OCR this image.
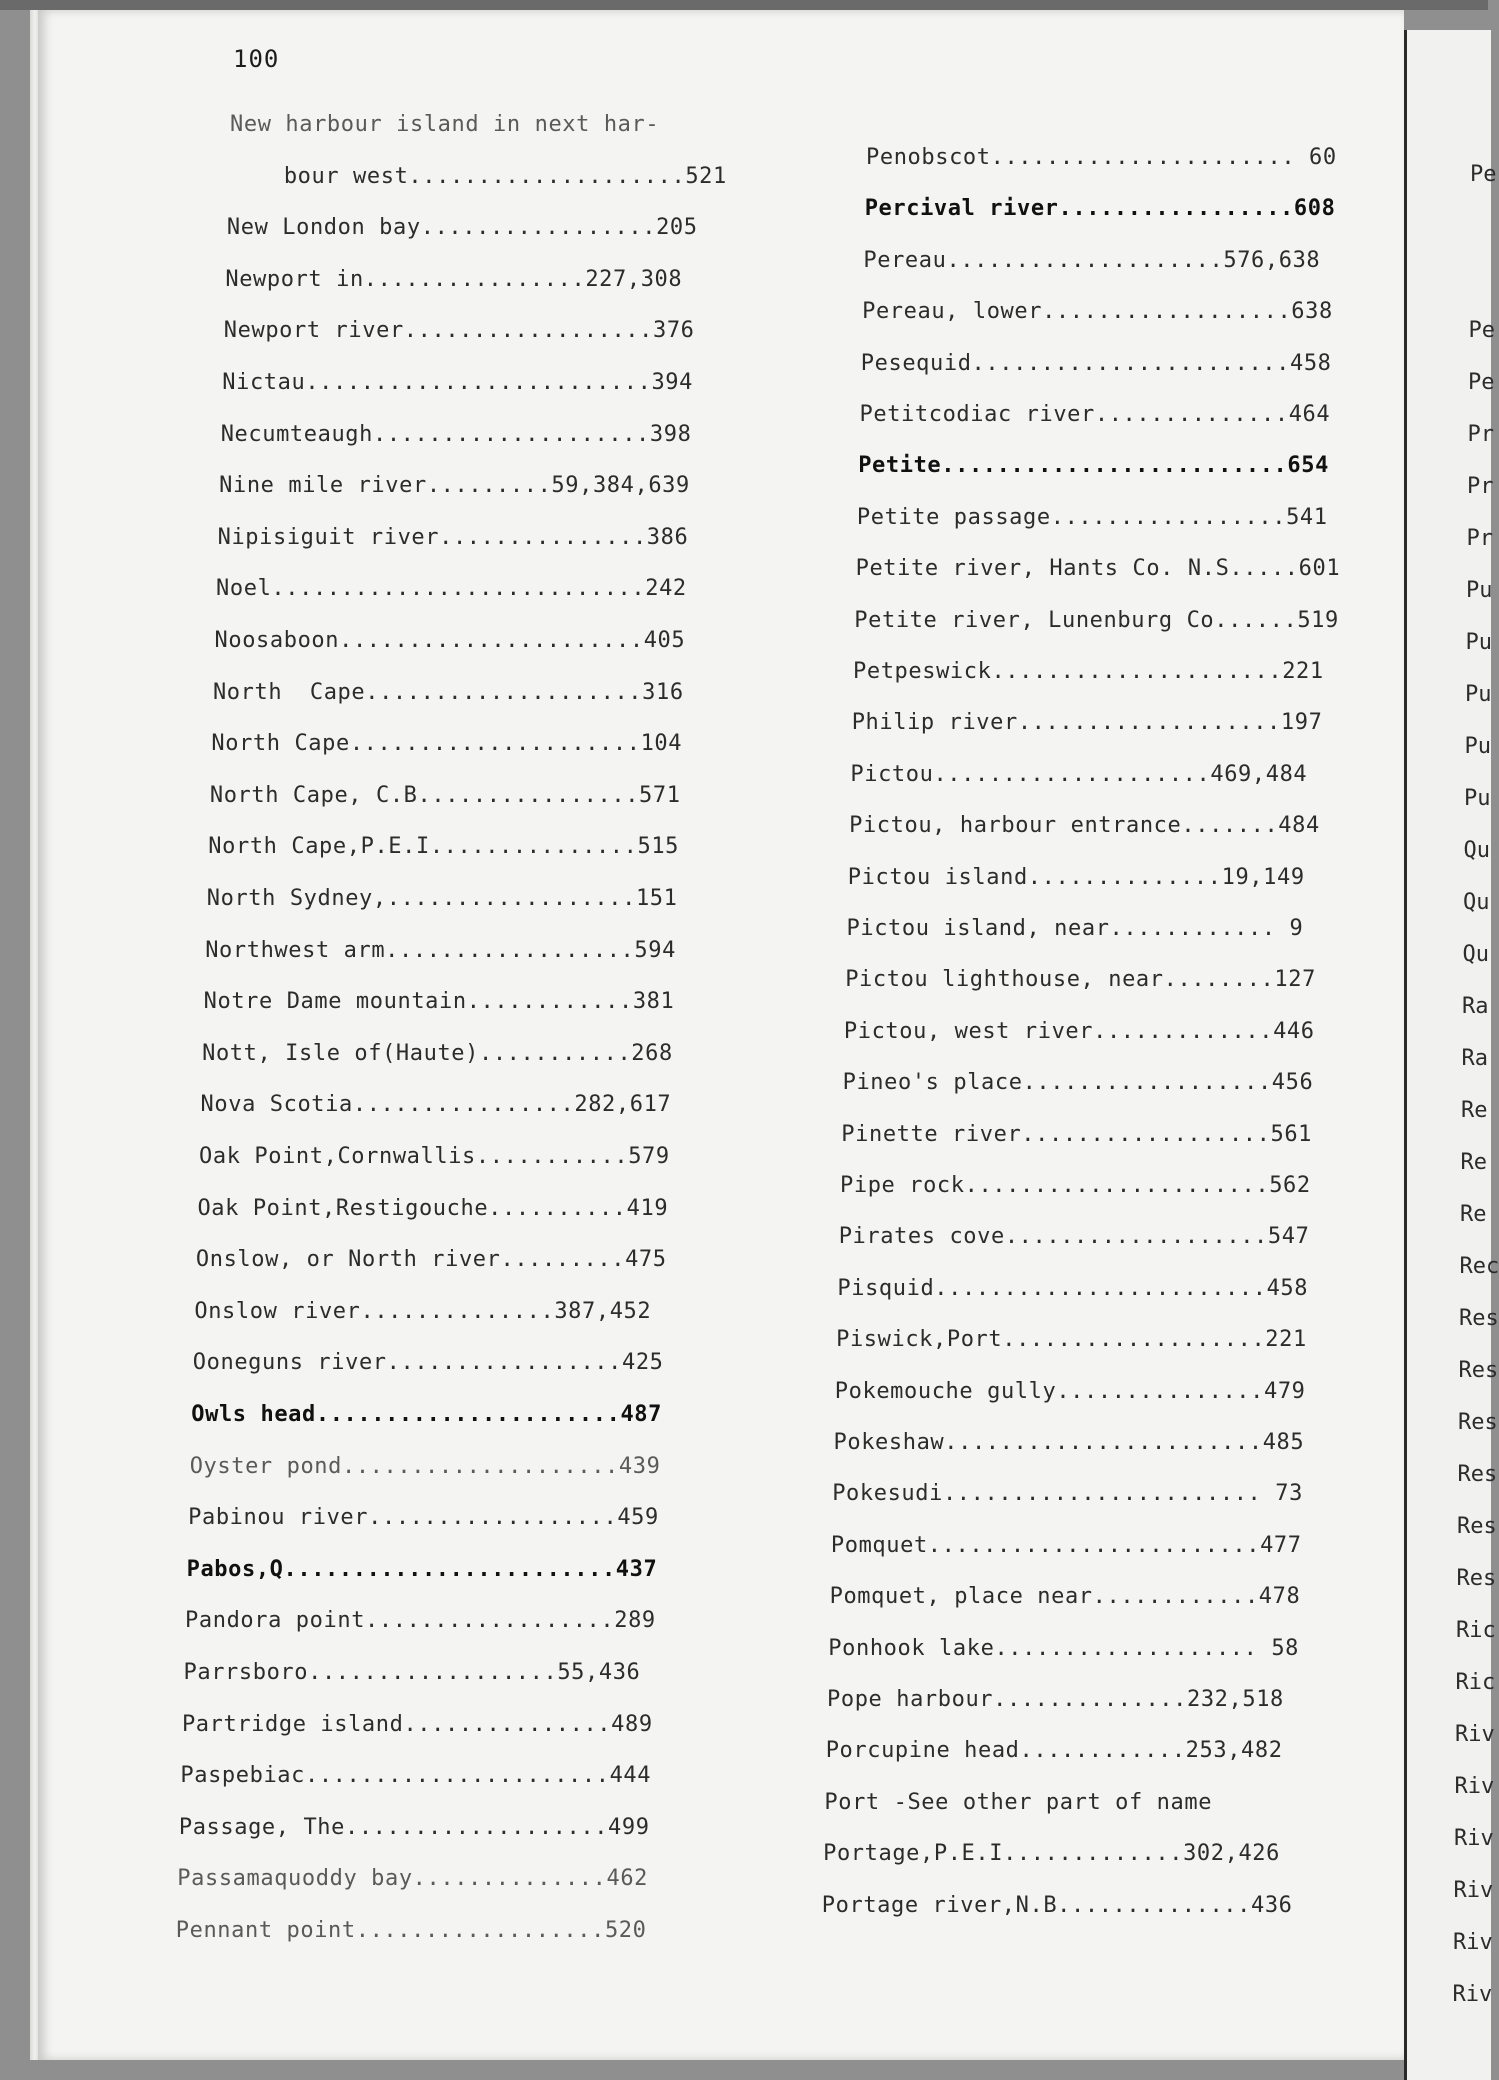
100
New harbour island in next har-
bour west....................521
New London bay.................205
Newport in................227,308
Newport river..................376
Nictau.........................394
Necumteaugh....................398
Nine mile river.........59,384,639
Nipisiguit river...............386
Noel...........................242
Noosaboon......................405
North  Cape....................316
North Cape.....................104
North Cape, C.B................571
North Cape,P.E.I...............515
North Sydney,..................151
Northwest arm..................594
Notre Dame mountain............381
Nott, Isle of(Haute)...........268
Nova Scotia................282,617
Oak Point,Cornwallis...........579
Oak Point,Restigouche..........419
Onslow, or North river.........475
Onslow river..............387,452
Ooneguns river.................425
Owls head......................487
Oyster pond....................439
Pabinou river..................459
Pabos,Q........................437
Pandora point..................289
Parrsboro..................55,436
Partridge island...............489
Paspebiac......................444
Passage, The...................499
Passamaquoddy bay..............462
Pennant point..................520
Penobscot...................... 60
Percival river.................608
Pereau....................576,638
Pereau, lower..................638
Pesequid.......................458
Petitcodiac river..............464
Petite.........................654
Petite passage.................541
Petite river, Hants Co. N.S.....601
Petite river, Lunenburg Co......519
Petpeswick.....................221
Philip river...................197
Pictou....................469,484
Pictou, harbour entrance.......484
Pictou island..............19,149
Pictou island, near............ 9
Pictou lighthouse, near........127
Pictou, west river.............446
Pineo's place..................456
Pinette river..................561
Pipe rock......................562
Pirates cove...................547
Pisquid........................458
Piswick,Port...................221
Pokemouche gully...............479
Pokeshaw.......................485
Pokesudi....................... 73
Pomquet........................477
Pomquet, place near............478
Ponhook lake................... 58
Pope harbour..............232,518
Porcupine head............253,482
Port -See other part of name
Portage,P.E.I.............302,426
Portage river,N.B..............436
Pe
Pe
Pe
Pr
Pr
Pr
Pu
Pu
Pu
Pu
Pu
Qu
Qu
Qu
Ra
Ra
Re
Re
Re
Rec
Res
Res
Res
Res
Res
Res
Ric
Ric
Riv
Riv
Riv
Riv
Riv
Riv
